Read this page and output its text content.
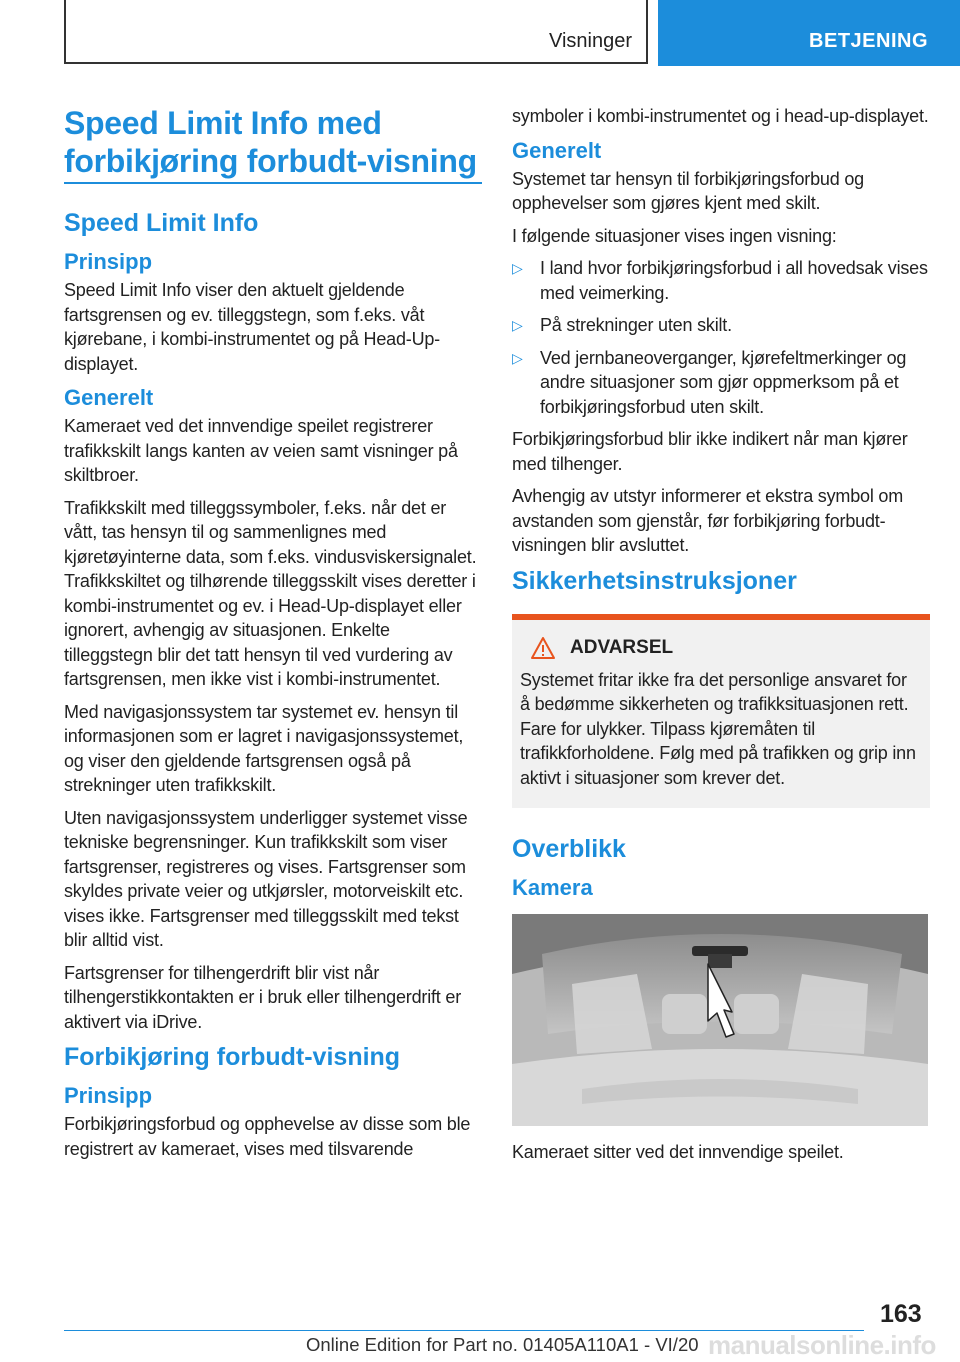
Visninger	BETJENING
Speed Limit Info med
forbikjøring forbudt-visning
Speed Limit Info
Prinsipp

Speed Limit Info viser den aktuelt gjeldende fartsgrensen og ev. tilleggstegn, som f.eks. våt kjørebane, i kombi-instrumentet og på Head-Up-displayet.

Generelt

Kameraet ved det innvendige speilet registrerer trafikkskilt langs kanten av veien samt visninger på skiltbroer.

Trafikkskilt med tilleggssymboler, f.eks. når det er vått, tas hensyn til og sammenlignes med kjøretøyinterne data, som f.eks. vindusviskersignalet. Trafikkskiltet og tilhørende tilleggsskilt vises deretter i kombi-instrumentet og ev. i Head-Up-displayet eller ignorert, avhengig av situasjonen. Enkelte tilleggstegn blir det tatt hensyn til ved vurdering av fartsgrensen, men ikke vist i kombi-instrumentet.

Med navigasjonssystem tar systemet ev. hensyn til informasjonen som er lagret i navigasjonssystemet, og viser den gjeldende fartsgrensen også på strekninger uten trafikkskilt.

Uten navigasjonssystem underligger systemet visse tekniske begrensninger. Kun trafikkskilt som viser fartsgrenser, registreres og vises. Fartsgrenser som skyldes private veier og utkjørsler, motorveiskilt etc. vises ikke. Fartsgrenser med tilleggsskilt med tekst blir alltid vist.

Fartsgrenser for tilhengerdrift blir vist når tilhengerstikkontakten er i bruk eller tilhengerdrift er aktivert via iDrive.

Forbikjøring forbudt-visning
Prinsipp

Forbikjøringsforbud og opphevelse av disse som ble registrert av kameraet, vises med tilsvarende

symboler i kombi-instrumentet og i head-up-displayet.

Generelt

Systemet tar hensyn til forbikjøringsforbud og opphevelser som gjøres kjent med skilt.

I følgende situasjoner vises ingen visning:

▷ I land hvor forbikjøringsforbud i all hovedsak vises med veimerking.
▷ På strekninger uten skilt.
▷ Ved jernbaneoverganger, kjørefeltmerkinger og andre situasjoner som gjør oppmerksom på et forbikjøringsforbud uten skilt.

Forbikjøringsforbud blir ikke indikert når man kjører med tilhenger.

Avhengig av utstyr informerer et ekstra symbol om avstanden som gjenstår, før forbikjøring forbudt-visningen blir avsluttet.

Sikkerhetsinstruksjoner
ADVARSEL

Systemet fritar ikke fra det personlige ansvaret for å bedømme sikkerheten og trafikksituasjonen rett. Fare for ulykker. Tilpass kjøremåten til trafikkforholdene. Følg med på trafikken og grip inn aktivt i situasjoner som krever det.

Overblikk
Kamera

Kameraet sitter ved det innvendige speilet.

163
Online Edition for Part no. 01405A110A1 - VI/20 manualsonline.info
